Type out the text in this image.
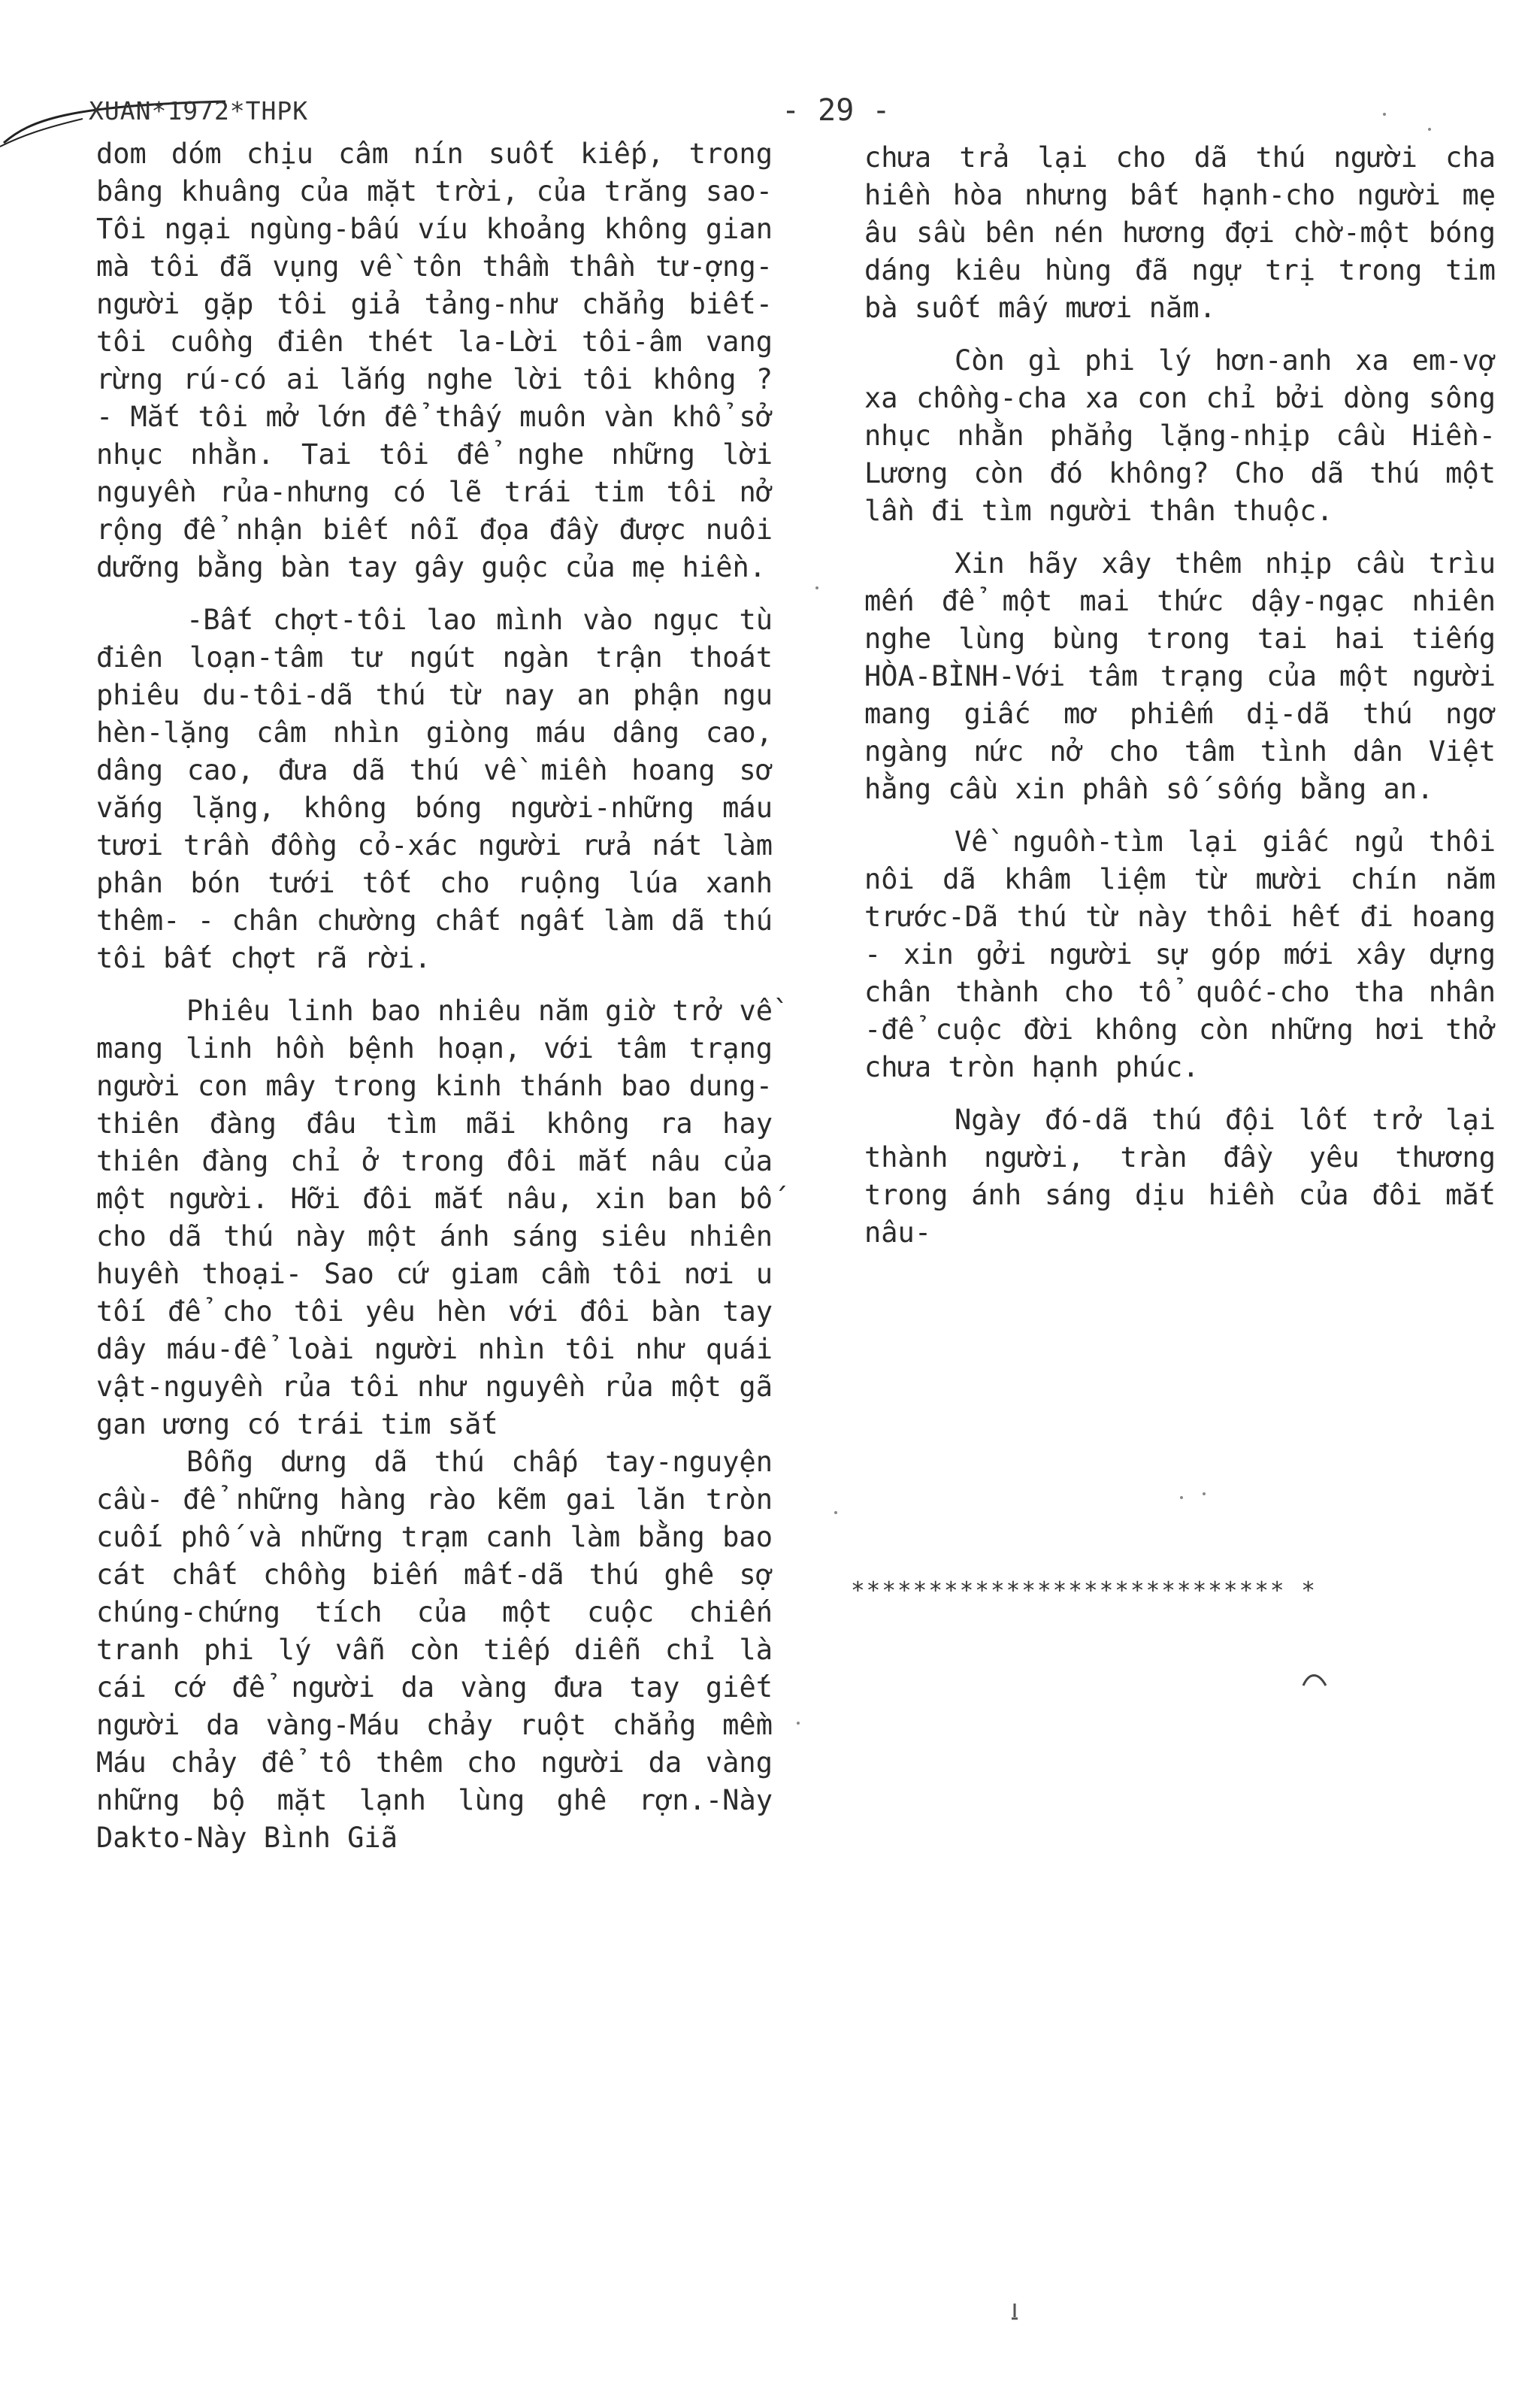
XUAN*1972*THPK	- 29 -

dom dóm chịu câm nín suốt kiếp, trong bâng khuâng của mặt trời, của trăng sao-Tôi ngại ngùng-bấu víu khoảng không gian mà tôi đã vụng về tôn thầm thần tư-ợng-người gặp tôi giả tảng-như chẳng biết-tôi cuồng điên thét la-Lời tôi-âm vang rừng rú-có ai lắng nghe lời tôi không ? - Mắt tôi mở lớn để thấy muôn vàn khổ sở nhục nhằn. Tai tôi để nghe những lời nguyền rủa-nhưng có lẽ trái tim tôi nở rộng để nhận biết nỗi đọa đầy được nuôi dưỡng bằng bàn tay gây guộc của mẹ hiền.

-Bất chợt-tôi lao mình vào ngục tù điên loạn-tâm tư ngút ngàn trận thoát phiêu du-tôi-dã thú từ nay an phận ngu hèn-lặng câm nhìn giòng máu dâng cao, dâng cao, đưa dã thú về miền hoang sơ vắng lặng, không bóng người-những máu tươi trần đồng cỏ-xác người rửa nát làm phân bón tưới tốt cho ruộng lúa xanh thêm- - chân chường chất ngất làm dã thú tôi bất chợt rã rời.

Phiêu linh bao nhiêu năm giờ trở về mang linh hồn bệnh hoạn, với tâm trạng người con mây trong kinh thánh bao dung-thiên đàng đâu tìm mãi không ra hay thiên đàng chỉ ở trong đôi mắt nâu của một người. Hỡi đôi mắt nâu, xin ban bố cho dã thú này một ánh sáng siêu nhiên huyền thoại- Sao cứ giam cầm tôi nơi u tối để cho tôi yêu hèn với đôi bàn tay dây máu-để loài người nhìn tôi như quái vật-nguyền rủa tôi như nguyền rủa một gã gan ương có trái tim sắt

Bỗng dưng dã thú chấp tay-nguyện cầu- để những hàng rào kẽm gai lăn tròn cuối phố và những trạm canh làm bằng bao cát chất chồng biến mất-dã thú ghê sợ chúng-chứng tích của một cuộc chiến tranh phi lý vẫn còn tiếp diễn chỉ là cái cớ để người da vàng đưa tay giết người da vàng-Máu chảy ruột chẳng mềm Máu chảy để tô thêm cho người da vàng những bộ mặt lạnh lùng ghê rợn.-Này Dakto-Này Bình Giã

chưa trả lại cho dã thú người cha hiền hòa nhưng bất hạnh-cho người mẹ âu sầu bên nén hương đợi chờ-một bóng dáng kiêu hùng đã ngự trị trong tim bà suốt mấy mươi năm.

Còn gì phi lý hơn-anh xa em-vợ xa chồng-cha xa con chỉ bởi dòng sông nhục nhằn phẳng lặng-nhịp cầu Hiền-Lương còn đó không? Cho dã thú một lần đi tìm người thân thuộc.

Xin hãy xây thêm nhịp cầu trìu mến để một mai thức dậy-ngạc nhiên nghe lùng bùng trong tai hai tiếng HÒA-BÌNH-Với tâm trạng của một người mang giấc mơ phiếm dị-dã thú ngơ ngàng nức nở cho tâm tình dân Việt hằng cầu xin phần số sống bằng an.

Về nguồn-tìm lại giấc ngủ thôi nôi dã khâm liệm từ mười chín năm trước-Dã thú từ này thôi hết đi hoang - xin gởi người sự góp mới xây dựng chân thành cho tổ quốc-cho tha nhân -để cuộc đời không còn những hơi thở chưa tròn hạnh phúc.

Ngày đó-dã thú đội lốt trở lại thành người, tràn đầy yêu thương trong ánh sáng dịu hiền của đôi mắt nâu-

**************************** *
